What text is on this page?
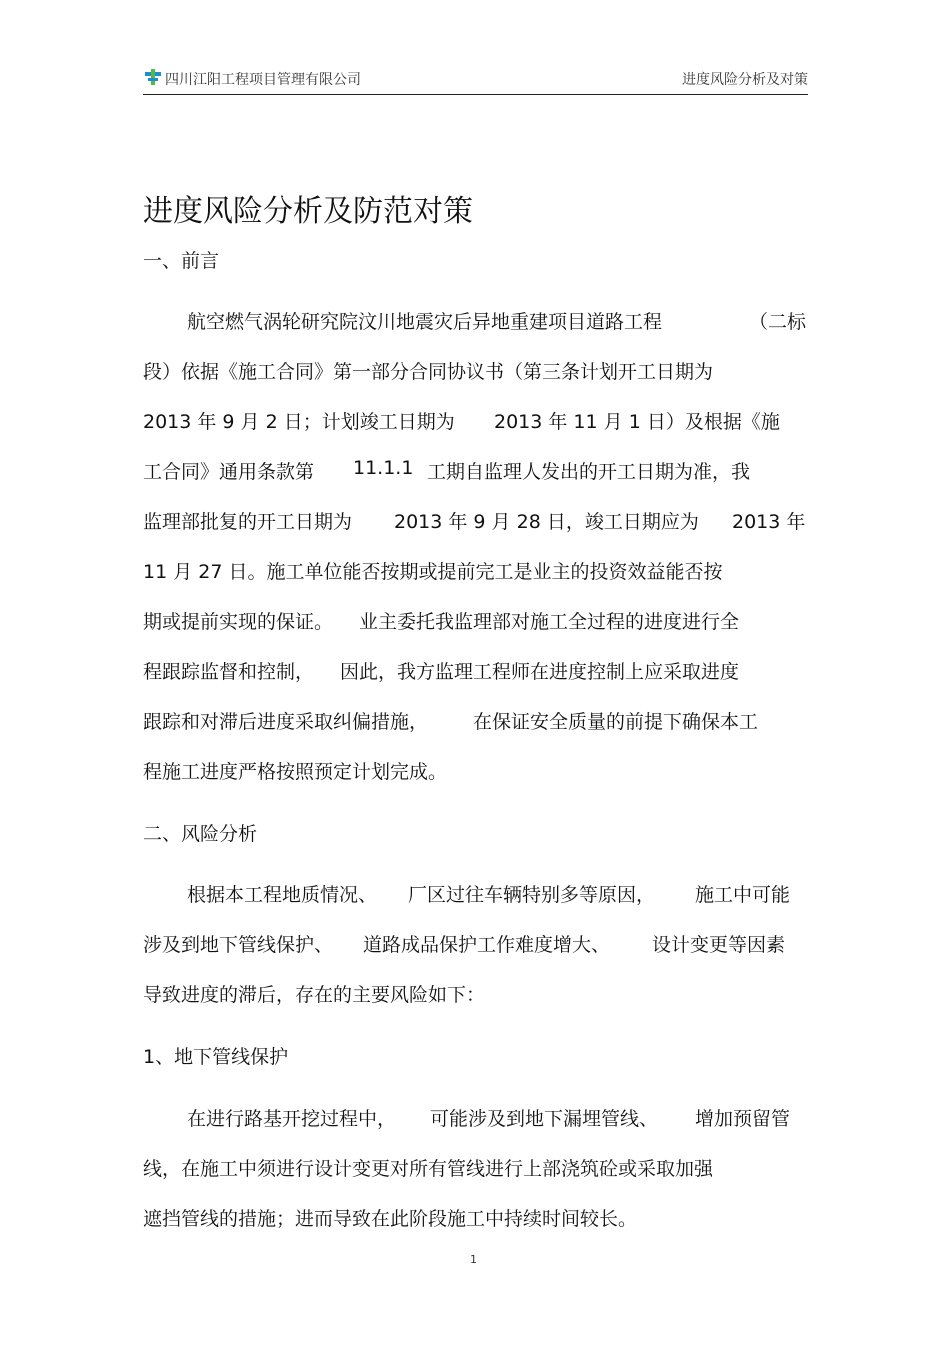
四川江阳工程项目管理有限公司	进度风险分析及对策
进度风险分析及防范对策
一、前言
航空燃气涡轮研究院汶川地震灾后异地重建项目道路工程	（二标
段）依据《施工合同》第一部分合同协议书（第三条计划开工日期为
2013 年 9 月 2 日；计划竣工日期为 2013 年 11 月 1 日）及根据《施
工合同》通用条款第 11.1.1 工期自监理人发出的开工日期为准，我
监理部批复的开工日期为 2013 年 9 月 28 日，竣工日期应为 2013 年
11 月 27 日。施工单位能否按期或提前完工是业主的投资效益能否按
期或提前实现的保证。 业主委托我监理部对施工全过程的进度进行全
程跟踪监督和控制， 因此，我方监理工程师在进度控制上应采取进度
跟踪和对滞后进度采取纠偏措施， 在保证安全质量的前提下确保本工
程施工进度严格按照预定计划完成。
二、风险分析
根据本工程地质情况、 厂区过往车辆特别多等原因， 施工中可能
涉及到地下管线保护、 道路成品保护工作难度增大、 设计变更等因素
导致进度的滞后，存在的主要风险如下：
1、地下管线保护
在进行路基开挖过程中， 可能涉及到地下漏埋管线、 增加预留管
线，在施工中须进行设计变更对所有管线进行上部浇筑砼或采取加强
遮挡管线的措施；进而导致在此阶段施工中持续时间较长。
1
